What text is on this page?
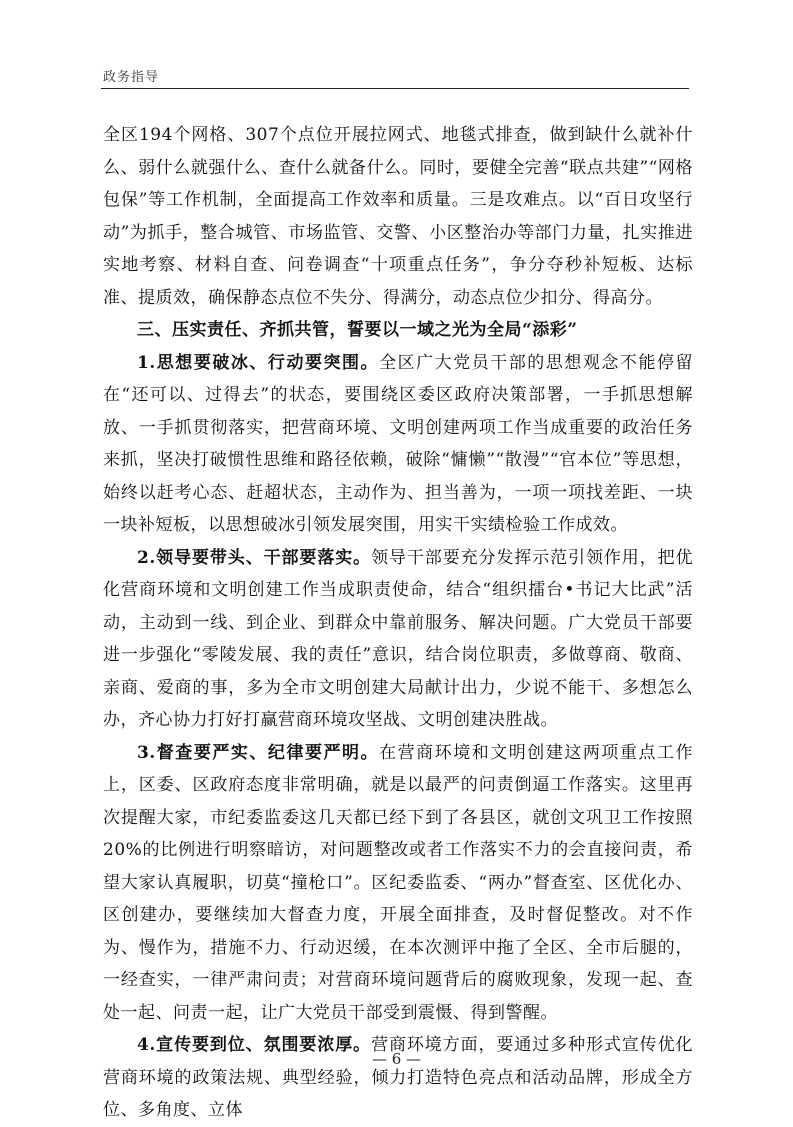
政务指导

全区194个网格、307个点位开展拉网式、地毯式排查，做到缺什么就补什么、弱什么就强什么、查什么就备什么。同时，要健全完善“联点共建”“网格包保”等工作机制，全面提高工作效率和质量。三是攻难点。以“百日攻坚行动”为抓手，整合城管、市场监管、交警、小区整治办等部门力量，扎实推进实地考察、材料自查、问卷调查“十项重点任务”，争分夺秒补短板、达标准、提质效，确保静态点位不失分、得满分，动态点位少扣分、得高分。

三、压实责任、齐抓共管，誓要以一域之光为全局“添彩”

1.思想要破冰、行动要突围。全区广大党员干部的思想观念不能停留在“还可以、过得去”的状态，要围绕区委区政府决策部署，一手抓思想解放、一手抓贯彻落实，把营商环境、文明创建两项工作当成重要的政治任务来抓，坚决打破惯性思维和路径依赖，破除“慵懒”“散漫”“官本位”等思想，始终以赶考心态、赶超状态，主动作为、担当善为，一项一项找差距、一块一块补短板，以思想破冰引领发展突围，用实干实绩检验工作成效。

2.领导要带头、干部要落实。领导干部要充分发挥示范引领作用，把优化营商环境和文明创建工作当成职责使命，结合“组织擂台•书记大比武”活动，主动到一线、到企业、到群众中靠前服务、解决问题。广大党员干部要进一步强化“零陵发展、我的责任”意识，结合岗位职责，多做尊商、敬商、亲商、爱商的事，多为全市文明创建大局献计出力，少说不能干、多想怎么办，齐心协力打好打赢营商环境攻坚战、文明创建决胜战。

3.督查要严实、纪律要严明。在营商环境和文明创建这两项重点工作上，区委、区政府态度非常明确，就是以最严的问责倒逼工作落实。这里再次提醒大家，市纪委监委这几天都已经下到了各县区，就创文巩卫工作按照20%的比例进行明察暗访，对问题整改或者工作落实不力的会直接问责，希望大家认真履职，切莫“撞枪口”。区纪委监委、“两办”督查室、区优化办、区创建办，要继续加大督查力度，开展全面排查，及时督促整改。对不作为、慢作为，措施不力、行动迟缓，在本次测评中拖了全区、全市后腿的，一经查实，一律严肃问责；对营商环境问题背后的腐败现象，发现一起、查处一起、问责一起，让广大党员干部受到震慑、得到警醒。

4.宣传要到位、氛围要浓厚。营商环境方面，要通过多种形式宣传优化营商环境的政策法规、典型经验，倾力打造特色亮点和活动品牌，形成全方位、多角度、立体

— 6 —
